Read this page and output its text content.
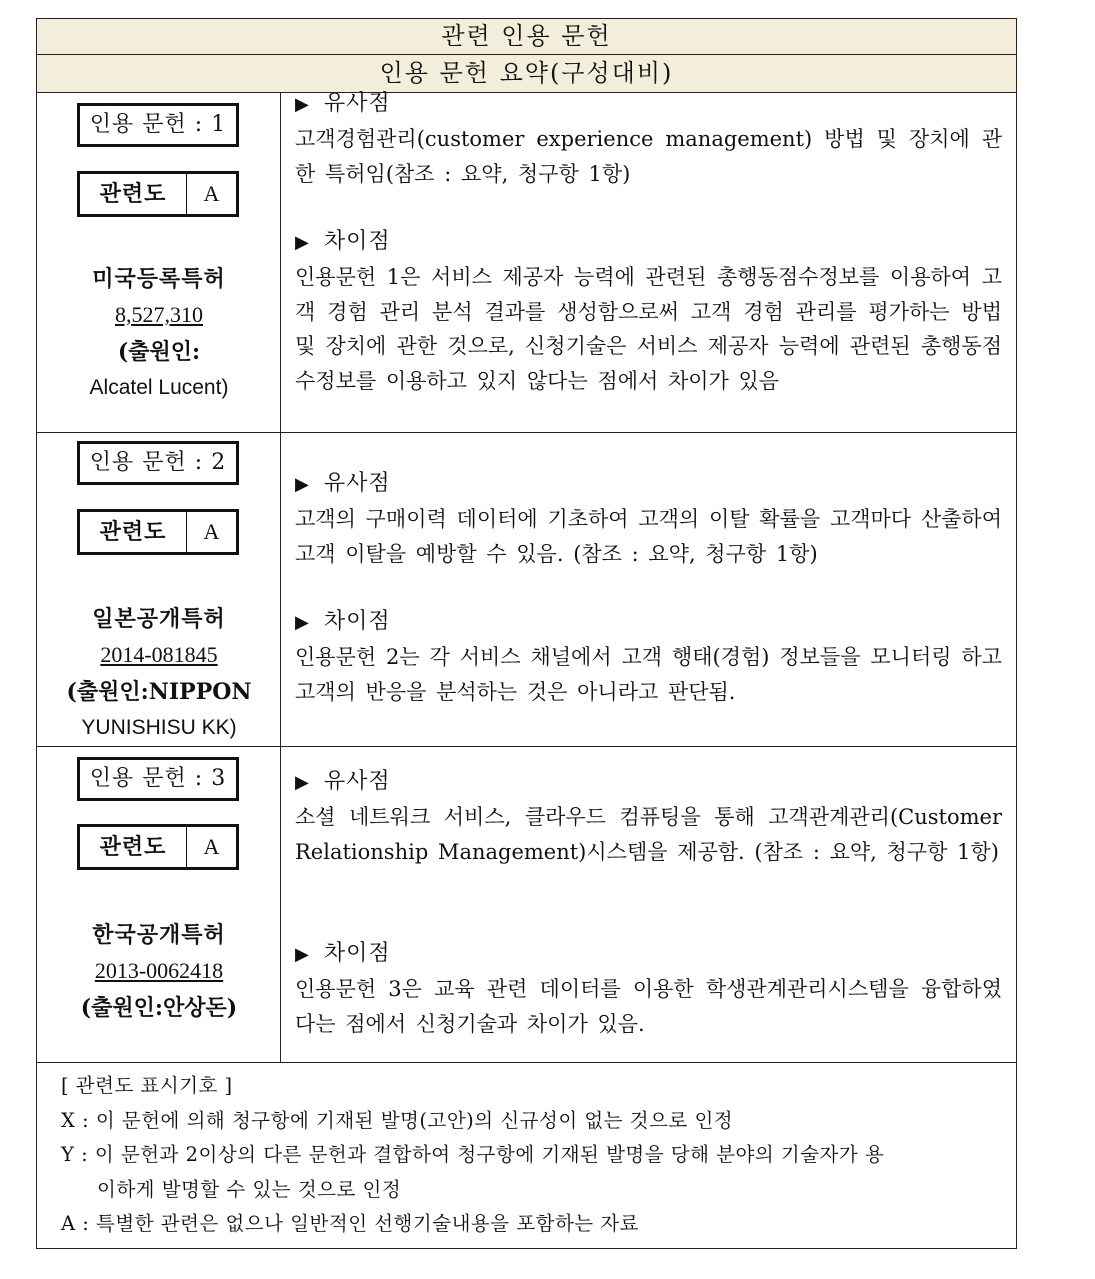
관련 인용 문헌
인용 문헌 요약(구성대비)
인용 문헌 : 1
관련도	A
미국등록특허
8,527,310
(출원인:
Alcatel Lucent)
▶ 유사점
고객경험관리(customer experience management) 방법 및 장치에 관한 특허임(참조 : 요약, 청구항 1항)
▶ 차이점
인용문헌 1은 서비스 제공자 능력에 관련된 총행동점수정보를 이용하여 고객 경험 관리 분석 결과를 생성함으로써 고객 경험 관리를 평가하는 방법 및 장치에 관한 것으로, 신청기술은 서비스 제공자 능력에 관련된 총행동점수정보를 이용하고 있지 않다는 점에서 차이가 있음
인용 문헌 : 2
관련도	A
일본공개특허
2014-081845
(출원인:NIPPON
YUNISHISU KK)
▶ 유사점
고객의 구매이력 데이터에 기초하여 고객의 이탈 확률을 고객마다 산출하여 고객 이탈을 예방할 수 있음. (참조 : 요약, 청구항 1항)
▶ 차이점
인용문헌 2는 각 서비스 채널에서 고객 행태(경험) 정보들을 모니터링 하고 고객의 반응을 분석하는 것은 아니라고 판단됨.
인용 문헌 : 3
관련도	A
한국공개특허
2013-0062418
(출원인:안상돈)
▶ 유사점
소셜 네트워크 서비스, 클라우드 컴퓨팅을 통해 고객관계관리(Customer Relationship Management)시스템을 제공함. (참조 : 요약, 청구항 1항)
▶ 차이점
인용문헌 3은 교육 관련 데이터를 이용한 학생관계관리시스템을 융합하였다는 점에서 신청기술과 차이가 있음.
[ 관련도 표시기호 ]
X : 이 문헌에 의해 청구항에 기재된 발명(고안)의 신규성이 없는 것으로 인정
Y : 이 문헌과 2이상의 다른 문헌과 결합하여 청구항에 기재된 발명을 당해 분야의 기술자가 용
이하게 발명할 수 있는 것으로 인정
A : 특별한 관련은 없으나 일반적인 선행기술내용을 포함하는 자료
